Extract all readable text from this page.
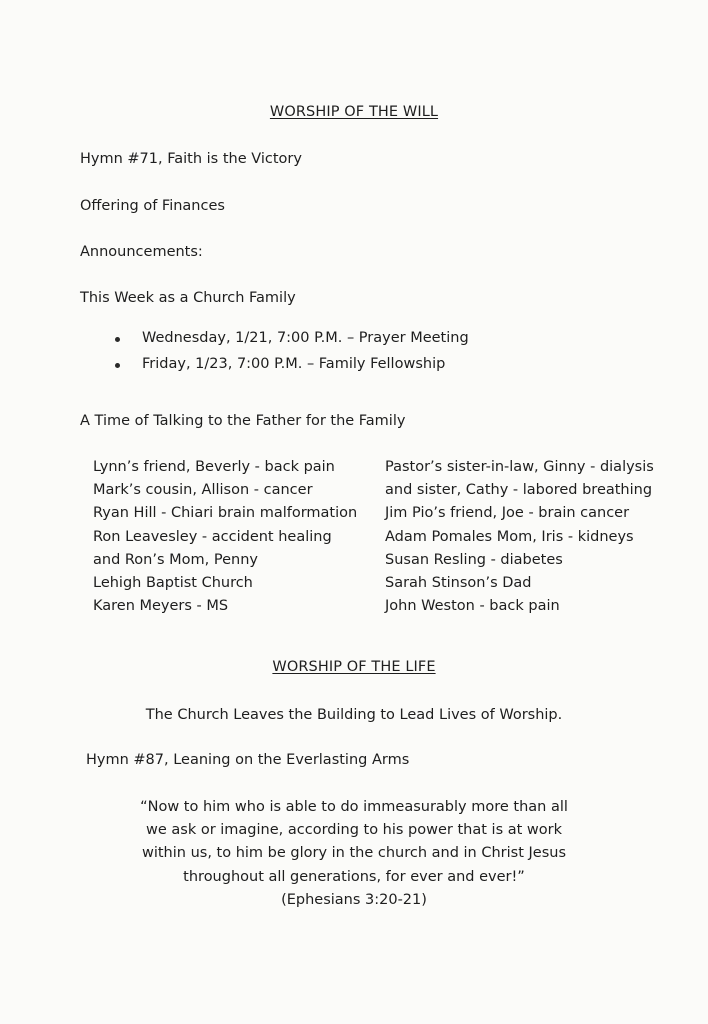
WORSHIP OF THE WILL
Hymn #71, Faith is the Victory
Offering of Finances
Announcements:
This Week as a Church Family
Wednesday, 1/21, 7:00 P.M. – Prayer Meeting
Friday, 1/23, 7:00 P.M. – Family Fellowship
A Time of Talking to the Father for the Family
Lynn’s friend, Beverly - back pain
Mark’s cousin, Allison - cancer
Ryan Hill - Chiari brain malformation
Ron Leavesley - accident healing
and Ron’s Mom, Penny
Lehigh Baptist Church
Karen Meyers - MS
Pastor’s sister-in-law, Ginny - dialysis
and sister, Cathy - labored breathing
Jim Pio’s friend, Joe - brain cancer
Adam Pomales Mom, Iris - kidneys
Susan Resling - diabetes
Sarah Stinson’s Dad
John Weston - back pain
WORSHIP OF THE LIFE
The Church Leaves the Building to Lead Lives of Worship.
Hymn #87, Leaning on the Everlasting Arms
“Now to him who is able to do immeasurably more than all
we ask or imagine, according to his power that is at work
within us, to him be glory in the church and in Christ Jesus
throughout all generations, for ever and ever!”
(Ephesians 3:20-21)
